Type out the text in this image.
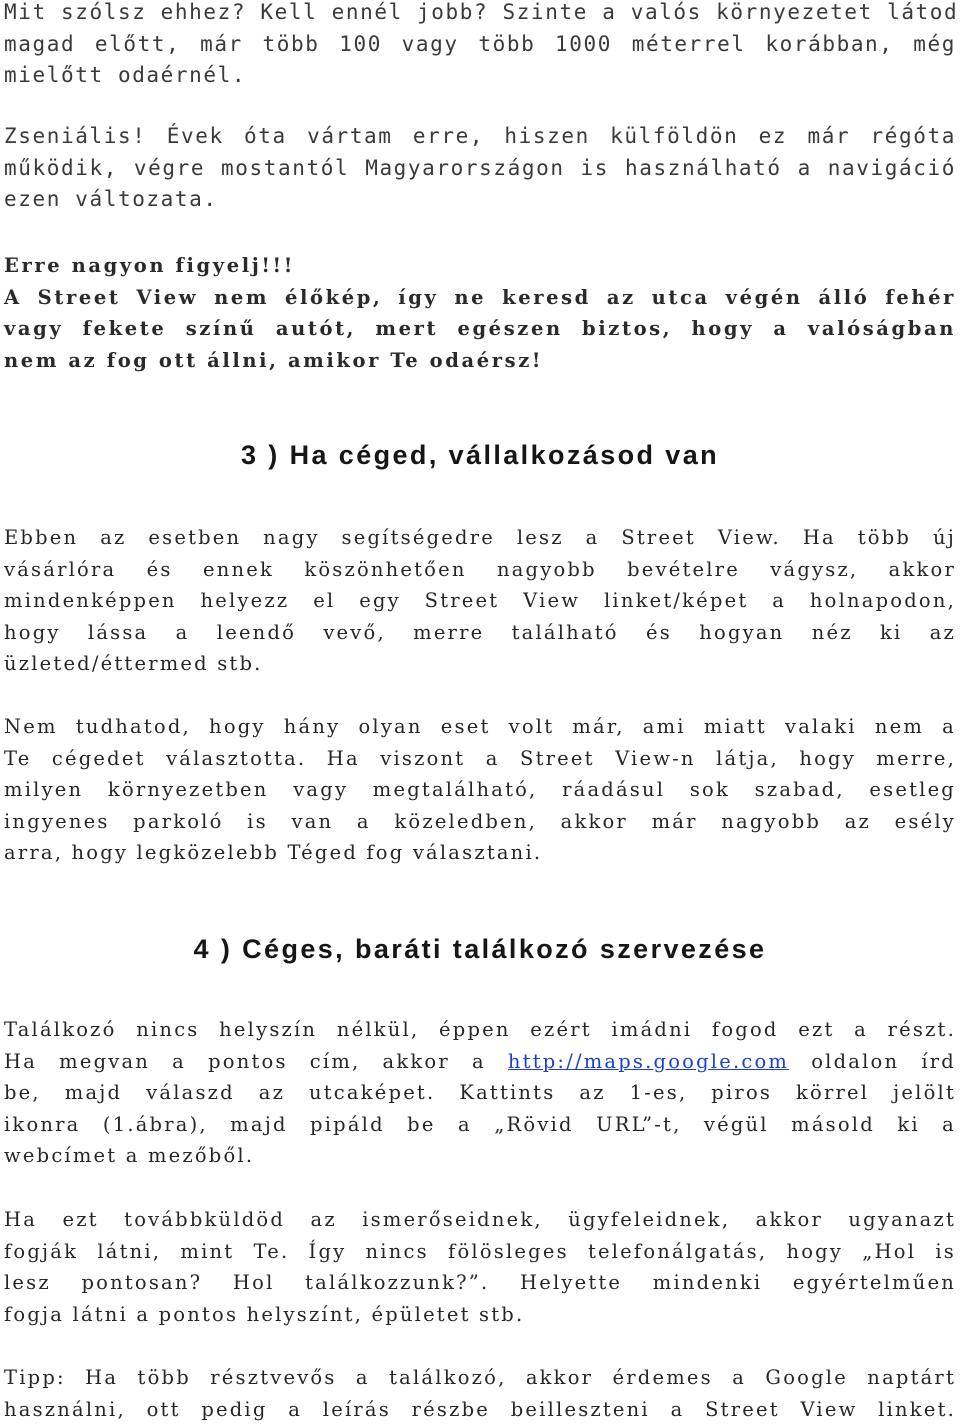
Mit szólsz ehhez? Kell ennél jobb? Szinte a valós környezetet látod
magad előtt, már több 100 vagy több 1000 méterrel korábban, még
mielőtt odaérnél.
Zseniális! Évek óta vártam erre, hiszen külföldön ez már régóta
működik, végre mostantól Magyarországon is használható a navigáció
ezen változata.
Erre nagyon figyelj!!!
A Street View nem élőkép, így ne keresd az utca végén álló fehér
vagy fekete színű autót, mert egészen biztos, hogy a valóságban
nem az fog ott állni, amikor Te odaérsz!
3 ) Ha céged, vállalkozásod van
Ebben az esetben nagy segítségedre lesz a Street View. Ha több új
vásárlóra és ennek köszönhetően nagyobb bevételre vágysz, akkor
mindenképpen helyezz el egy Street View linket/képet a holnapodon,
hogy lássa a leendő vevő, merre található és hogyan néz ki az
üzleted/éttermed stb.
Nem tudhatod, hogy hány olyan eset volt már, ami miatt valaki nem a
Te cégedet választotta. Ha viszont a Street View-n látja, hogy merre,
milyen környezetben vagy megtalálható, ráadásul sok szabad, esetleg
ingyenes parkoló is van a közeledben, akkor már nagyobb az esély
arra, hogy legközelebb Téged fog választani.
4 ) Céges, baráti találkozó szervezése
Találkozó nincs helyszín nélkül, éppen ezért imádni fogod ezt a részt.
Ha megvan a pontos cím, akkor a http://maps.google.com oldalon írd
be, majd válaszd az utcaképet. Kattints az 1-es, piros körrel jelölt
ikonra (1.ábra), majd pipáld be a „Rövid URL”-t, végül másold ki a
webcímet a mezőből.
Ha ezt továbbküldöd az ismerőseidnek, ügyfeleidnek, akkor ugyanazt
fogják látni, mint Te. Így nincs fölösleges telefonálgatás, hogy „Hol is
lesz pontosan? Hol találkozzunk?”. Helyette mindenki egyértelműen
fogja látni a pontos helyszínt, épületet stb.
Tipp: Ha több résztvevős a találkozó, akkor érdemes a Google naptárt
használni, ott pedig a leírás részbe beilleszteni a Street View linket.
